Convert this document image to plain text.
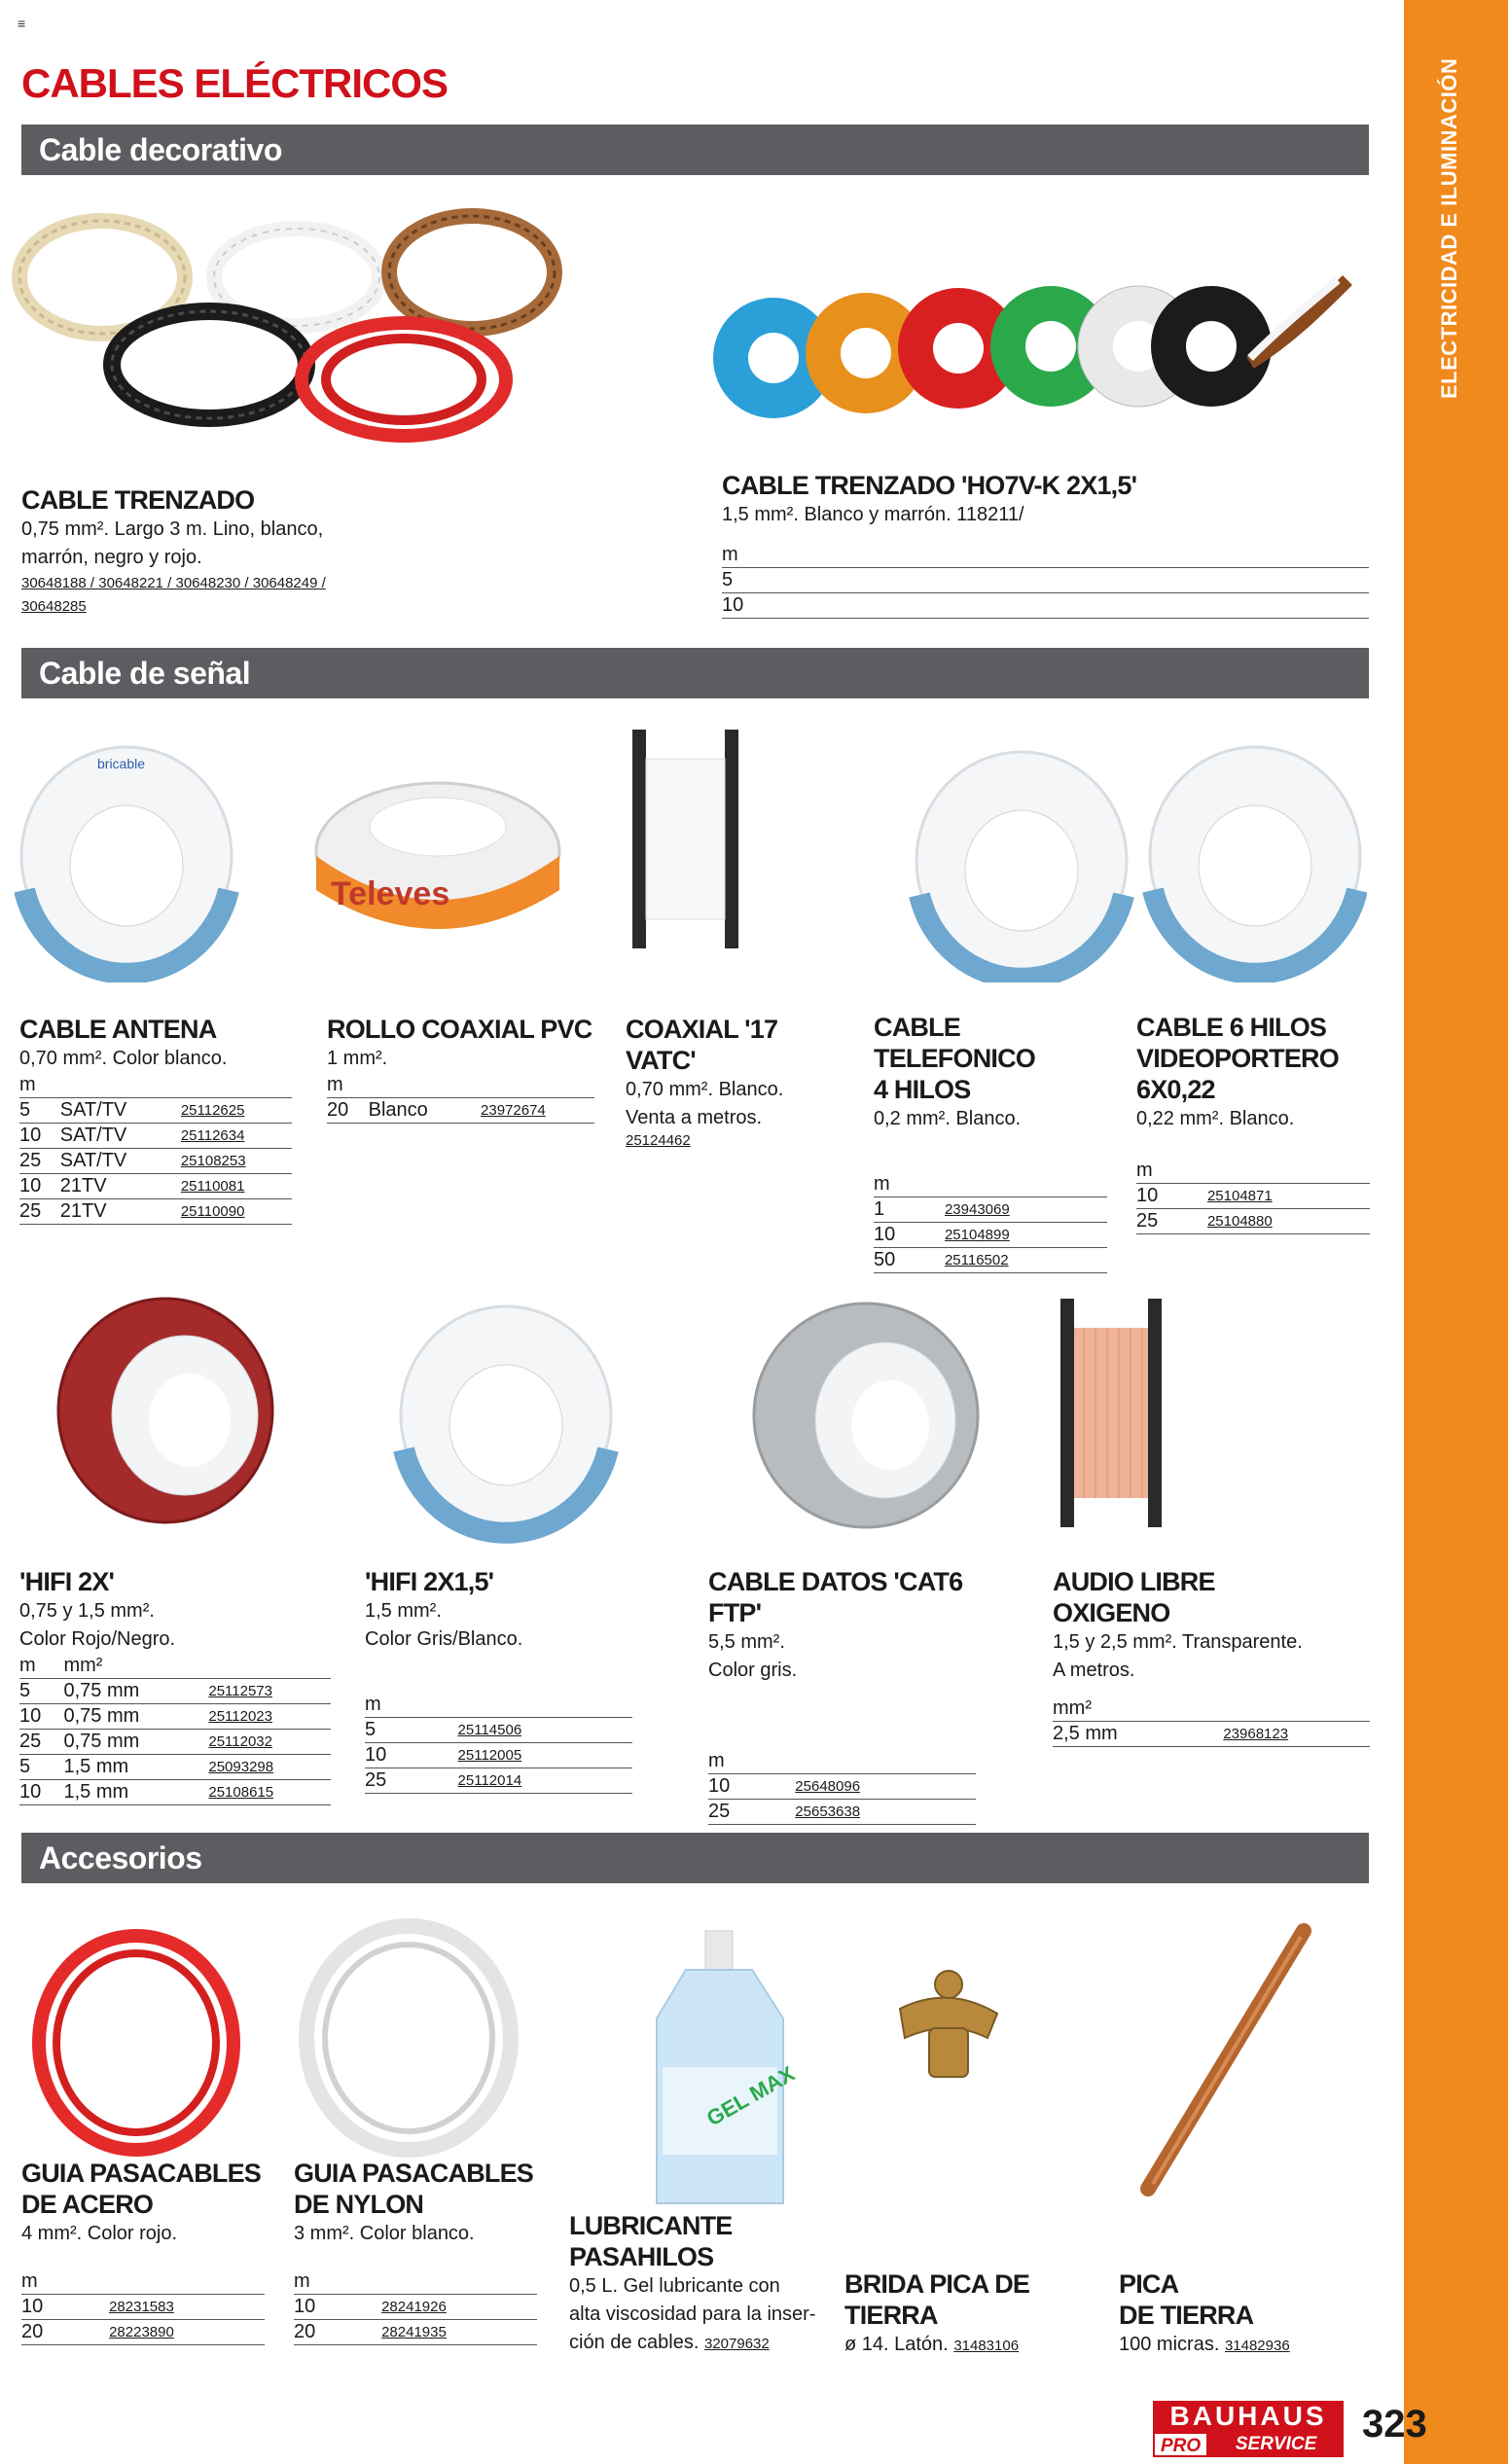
≡
CABLES ELÉCTRICOS	ELECTRICIDAD E ILUMINACIÓN
Cable decorativo
CABLE TRENZADO
0,75 mm². Largo 3 m. Lino, blanco, marrón, negro y rojo.
30648188 / 30648221 / 30648230 / 30648249 / 30648285
CABLE TRENZADO 'HO7V-K 2X1,5'
1,5 mm². Blanco y marrón. 118211/
m
5
10
Cable de señal
bricable
Televes
CABLE ANTENA
0,70 mm². Color blanco.
m		
5	SAT/TV	25112625
10	SAT/TV	25112634
25	SAT/TV	25108253
10	21TV	25110081
25	21TV	25110090
ROLLO COAXIAL PVC
1 mm².
m		
20	Blanco	23972674
COAXIAL '17 VATC'
0,70 mm². Blanco.
Venta a metros.
25124462
CABLE TELEFONICO
4 HILOS
0,2 mm². Blanco.
m	
1	23943069
10	25104899
50	25116502
CABLE 6 HILOS
VIDEOPORTERO
6X0,22
0,22 mm². Blanco.
m	
10	25104871
25	25104880
'HIFI 2X'
0,75 y 1,5 mm².
Color Rojo/Negro.
m	mm²	
5	0,75 mm	25112573
10	0,75 mm	25112023
25	0,75 mm	25112032
5	1,5 mm	25093298
10	1,5 mm	25108615
'HIFI 2X1,5'
1,5 mm².
Color Gris/Blanco.
m	
5	25114506
10	25112005
25	25112014
CABLE DATOS 'CAT6 FTP'
5,5 mm².
Color gris.
m	
10	25648096
25	25653638
AUDIO LIBRE
OXIGENO
1,5 y 2,5 mm². Transparente.
A metros.
mm²	
2,5 mm	23968123
Accesorios
GEL MAX
GUIA PASACABLES
DE ACERO
4 mm². Color rojo.
m	
10	28231583
20	28223890
GUIA PASACABLES
DE NYLON
3 mm². Color blanco.
m	
10	28241926
20	28241935
LUBRICANTE
PASAHILOS
0,5 L. Gel lubricante con
alta viscosidad para la inser-
ción de cables. 32079632
BRIDA PICA DE TIERRA
ø 14. Latón. 31483106
PICA
DE TIERRA
100 micras. 31482936
BAUHAUS
PRO	SERVICE	323
